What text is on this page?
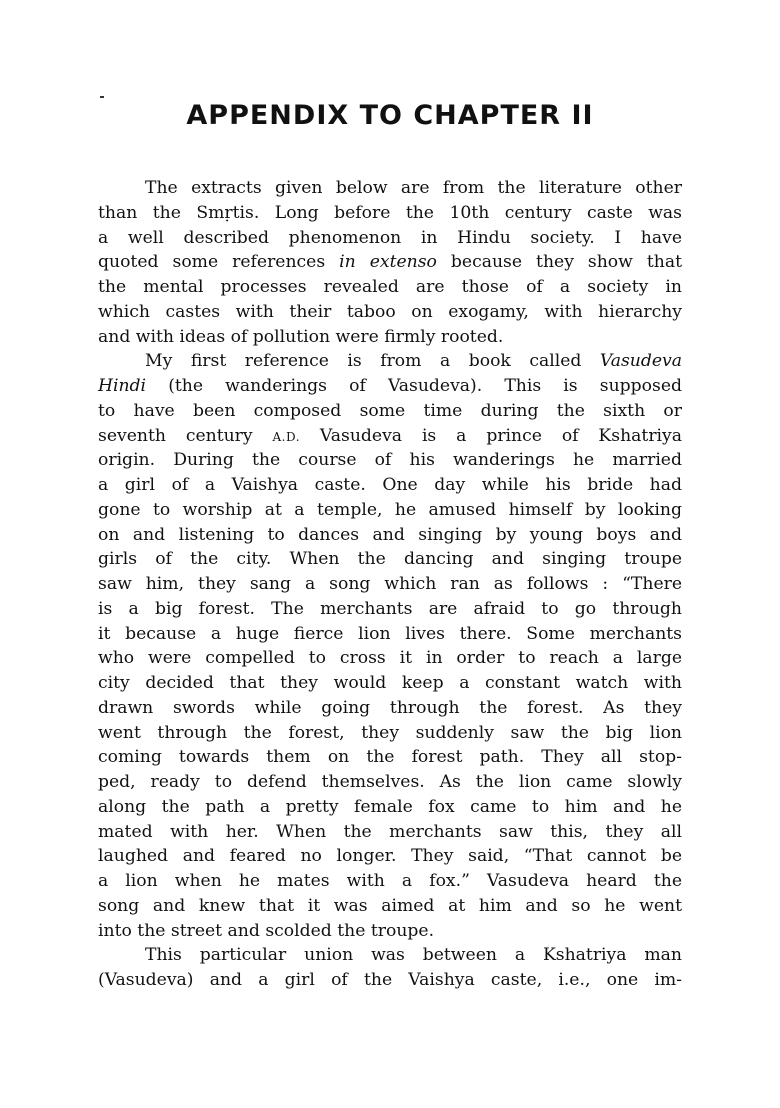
APPENDIX TO CHAPTER II
The extracts given below are from the literature other
than the Smṛtis. Long before the 10th century caste was
a well described phenomenon in Hindu society. I have
quoted some references in extenso because they show that
the mental processes revealed are those of a society in
which castes with their taboo on exogamy, with hierarchy
and with ideas of pollution were firmly rooted.
My first reference is from a book called Vasudeva
Hindi (the wanderings of Vasudeva). This is supposed
to have been composed some time during the sixth or
seventh century A.D. Vasudeva is a prince of Kshatriya
origin. During the course of his wanderings he married
a girl of a Vaishya caste. One day while his bride had
gone to worship at a temple, he amused himself by looking
on and listening to dances and singing by young boys and
girls of the city. When the dancing and singing troupe
saw him, they sang a song which ran as follows : “There
is a big forest. The merchants are afraid to go through
it because a huge fierce lion lives there. Some merchants
who were compelled to cross it in order to reach a large
city decided that they would keep a constant watch with
drawn swords while going through the forest. As they
went through the forest, they suddenly saw the big lion
coming towards them on the forest path. They all stop-
ped, ready to defend themselves. As the lion came slowly
along the path a pretty female fox came to him and he
mated with her. When the merchants saw this, they all
laughed and feared no longer. They said, “That cannot be
a lion when he mates with a fox.” Vasudeva heard the
song and knew that it was aimed at him and so he went
into the street and scolded the troupe.
This particular union was between a Kshatriya man
(Vasudeva) and a girl of the Vaishya caste, i.e., one im-
